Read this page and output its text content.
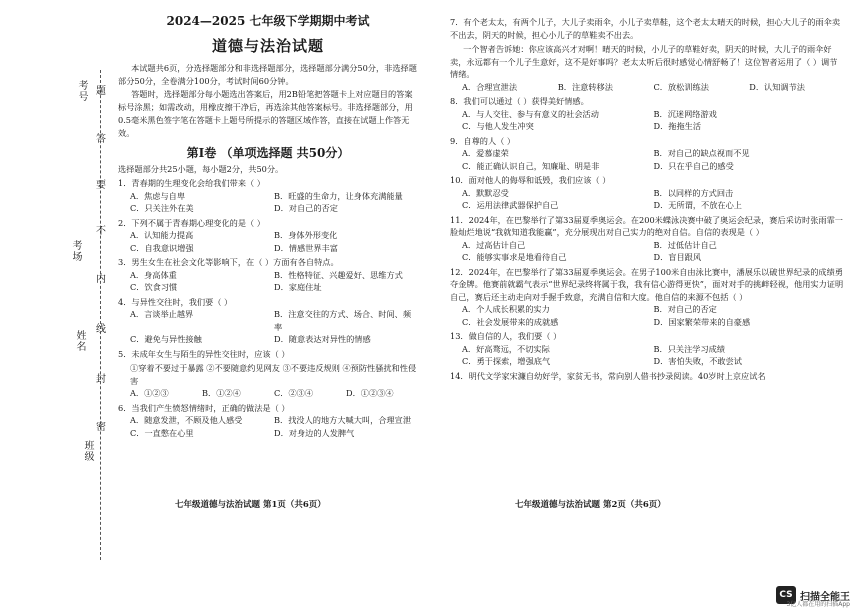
考号
考场
姓名
班级
题
答
要
不
内
线
封
密

2024—2025 七年级下学期期中考试

道德与法治试题

本试题共6页，分选择题部分和非选择题部分，选择题部分满分50分，非选择题部分50分，全卷满分100分，考试时间60分钟。

答题时，选择题部分每小题选出答案后，用2B铅笔把答题卡上对应题目的答案标号涂黑；如需改动，用橡皮擦干净后，再选涂其他答案标号。非选择题部分，用0.5毫米黑色签字笔在答题卡上题号所提示的答题区域作答，直接在试题上作答无效。

第Ⅰ卷 （单项选择题 共50分）

选择题部分共25小题，每小题2分，共50分。

1．青春期的生理变化会给我们带来（ ）

A．焦虑与自卑	B．旺盛的生命力，让身体充满能量
C．只关注外在美	D．对自己的否定

2．下列不属于青春期心理变化的是（ ）

A．认知能力提高	B．身体外形变化
C．自我意识增强	D．情感世界丰富

3．男生女生在社会文化等影响下，在（ ）方面有各自特点。

A．身高体重	B．性格特征、兴趣爱好、思维方式
C．饮食习惯	D．家庭住址

4．与异性交往时，我们要（ ）

A．言谈举止越界	B．注意交往的方式、场合、时间、频率
C．避免与异性接触	D．随意表达对异性的情感

5．未成年女生与陌生的异性交往时，应该（ ）

①穿着不要过于暴露 ②不要随意约见网友 ③不要违反规则 ④预防性骚扰和性侵害

A．①②③	B．①②④	C．②③④	D．①②③④

6．当我们产生愤怒情绪时，正确的做法是（ ）

A．随意发泄，不顾及他人感受	B．找没人的地方大喊大叫，合理宣泄
C．一直憋在心里	D．对身边的人发脾气
七年级道德与法治试题 第1页（共6页）

7．有个老太太，有两个儿子，大儿子卖雨伞，小儿子卖草鞋，这个老太太晴天的时候，担心大儿子的雨伞卖不出去，阴天的时候，担心小儿子的草鞋卖不出去。

一个智者告诉她：你应该高兴才对啊！晴天的时候，小儿子的草鞋好卖，阴天的时候，大儿子的雨伞好卖，永远都有一个儿子生意好，这不是好事吗？老太太听后很时感觉心情舒畅了！这位智者运用了（ ）调节情绪。

A．合理宣泄法	B．注意转移法	C．放松训练法	D．认知调节法

8．我们可以通过（ ）获得美好情感。

A．与人交往、参与有意义的社会活动	B．沉迷网络游戏
C．与他人发生冲突	D．拖拖生活

9．自尊的人（ ）

A．爱慕虚荣	B．对自己的缺点视而不见
C．能正确认识自己，知廉耻、明是非	D．只在乎自己的感受

10．面对他人的侮辱和诋毁，我们应该（ ）

A．默默忍受	B．以同样的方式回击
C．运用法律武器保护自己	D．无所谓，不放在心上

11．2024年，在巴黎举行了第33届夏季奥运会。在200米蝶泳决赛中破了奥运会纪录，赛后采访时张雨霏一脸灿烂地说“我就知道我能赢”，充分展现出对自己实力的绝对自信。自信的表现是（ ）

A．过高估计自己	B．过低估计自己
C．能够实事求是地看待自己	D．盲目跟风

12．2024年，在巴黎举行了第33届夏季奥运会。在男子100米自由泳比赛中，潘展乐以破世界纪录的成绩勇夺金牌。他赛前就霸气表示“世界纪录终将属于我，我有信心游得更快”，面对对手的挑衅轻视，他用实力证明自己，赛后还主动走向对手握手致意，充满自信和大度。他自信的来源不包括（ ）

A．个人成长积累的实力	B．对自己的否定
C．社会发展带来的成就感	D．国家繁荣带来的自豪感

13．做自信的人，我们要（ ）

A．好高骛远，不切实际	B．只关注学习成绩
C．勇于探索，增强底气	D．害怕失败，不敢尝试

14．明代文学家宋濂自幼好学，家贫无书，常向别人借书抄录阅读。40岁时上京应试名

七年级道德与法治试题 第2页（共6页）
CS 扫描全能王
3亿人都在用的扫描App
